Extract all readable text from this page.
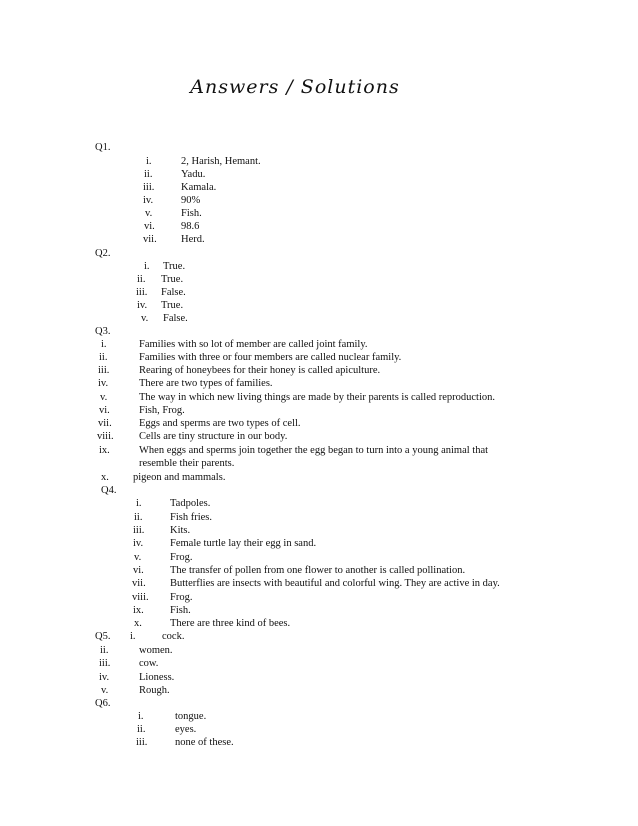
Answers / Solutions
Q1.
i.	2, Harish, Hemant.
ii.	Yadu.
iii.	Kamala.
iv.	90%
v.	Fish.
vi. 98.6
vii. Herd.
Q2.
i. True.
ii. True.
iii. False.
iv. True.
v. False.
Q3.
i.	Families with so lot of member are called joint family.
ii.	Families with three or four members are called nuclear family.
iii.	Rearing of honeybees for their honey is called apiculture.
iv.	There are two types of families.
v.	The way in which new living things are made by their parents is called reproduction.
vi.	Fish, Frog.
vii.	Eggs and sperms are two types of cell.
viii. Cells are tiny structure in our body.
ix.	When eggs and sperms join together the egg began to turn into a young animal that
resemble their parents.
x. pigeon and mammals.
Q4.
i.	Tadpoles.
ii.	Fish fries.
iii. Kits.
iv.	Female turtle lay their egg in sand.
v.	Frog.
vi. The transfer of pollen from one flower to another is called pollination.
vii. Butterflies are insects with beautiful and colorful wing. They are active in day.
viii. Frog.
ix. Fish.
x.	There are three kind of bees.
Q5. i.	cock.
ii.	women.
iii.	cow.
iv.	Lioness.
v.	Rough.
Q6.
i.	tongue.
ii.	eyes.
iii.	none of these.
